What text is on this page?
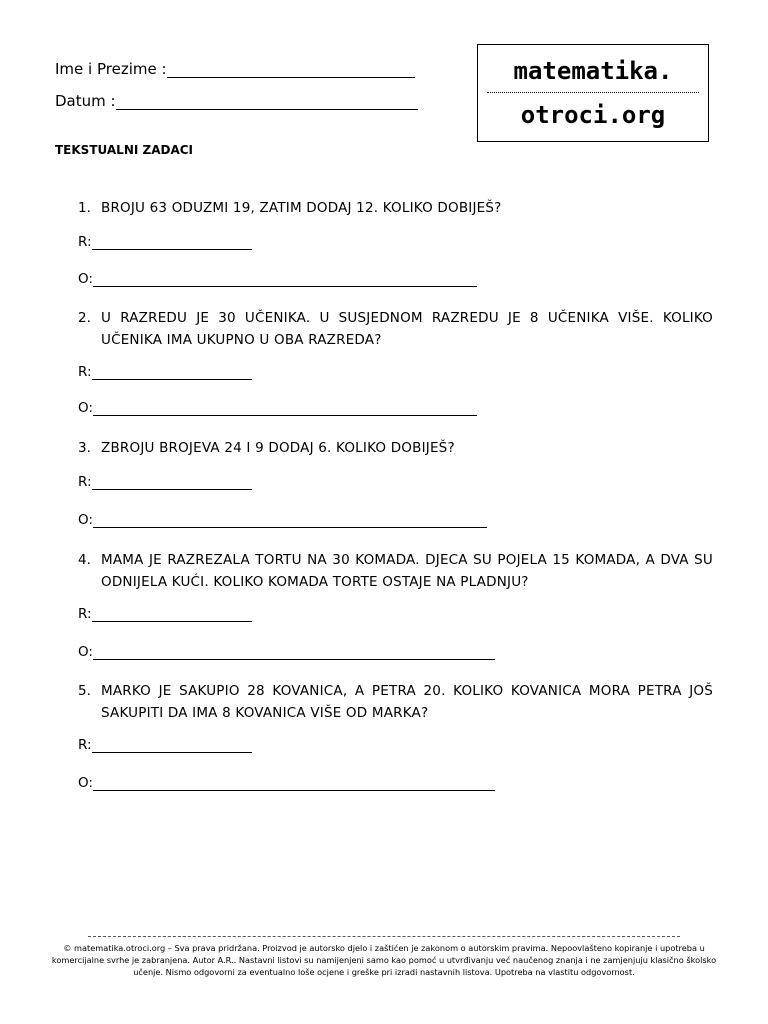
Ime i Prezime :
Datum :
matematika.
otroci.org
TEKSTUALNI ZADACI
1. BROJU 63 ODUZMI 19, ZATIM DODAJ 12. KOLIKO DOBIJEŠ?
R:
O:
2. U RAZREDU JE 30 UČENIKA. U SUSJEDNOM RAZREDU JE 8 UČENIKA VIŠE. KOLIKO UČENIKA IMA UKUPNO U OBA RAZREDA?
R:
O:
3. ZBROJU BROJEVA 24 I 9 DODAJ 6. KOLIKO DOBIJEŠ?
R:
O:
4. MAMA JE RAZREZALA TORTU NA 30 KOMADA. DJECA SU POJELA 15 KOMADA, A DVA SU ODNIJELA KUĆI. KOLIKO KOMADA TORTE OSTAJE NA PLADNJU?
R:
O:
5. MARKO JE SAKUPIO 28 KOVANICA, A PETRA 20. KOLIKO KOVANICA MORA PETRA JOŠ SAKUPITI DA IMA 8 KOVANICA VIŠE OD MARKA?
R:
O:
© matematika.otroci.org – Sva prava pridržana. Proizvod je autorsko djelo i zaštićen je zakonom o autorskim pravima. Nepoovlašteno kopiranje i upotreba u komercijalne svrhe je zabranjena. Autor A.R.. Nastavni listovi su namijenjeni samo kao pomoć u utvrđivanju već naučenog znanja i ne zamjenjuju klasično školsko učenje. Nismo odgovorni za eventualno loše ocjene i greške pri izradi nastavnih listova. Upotreba na vlastitu odgovornost.
